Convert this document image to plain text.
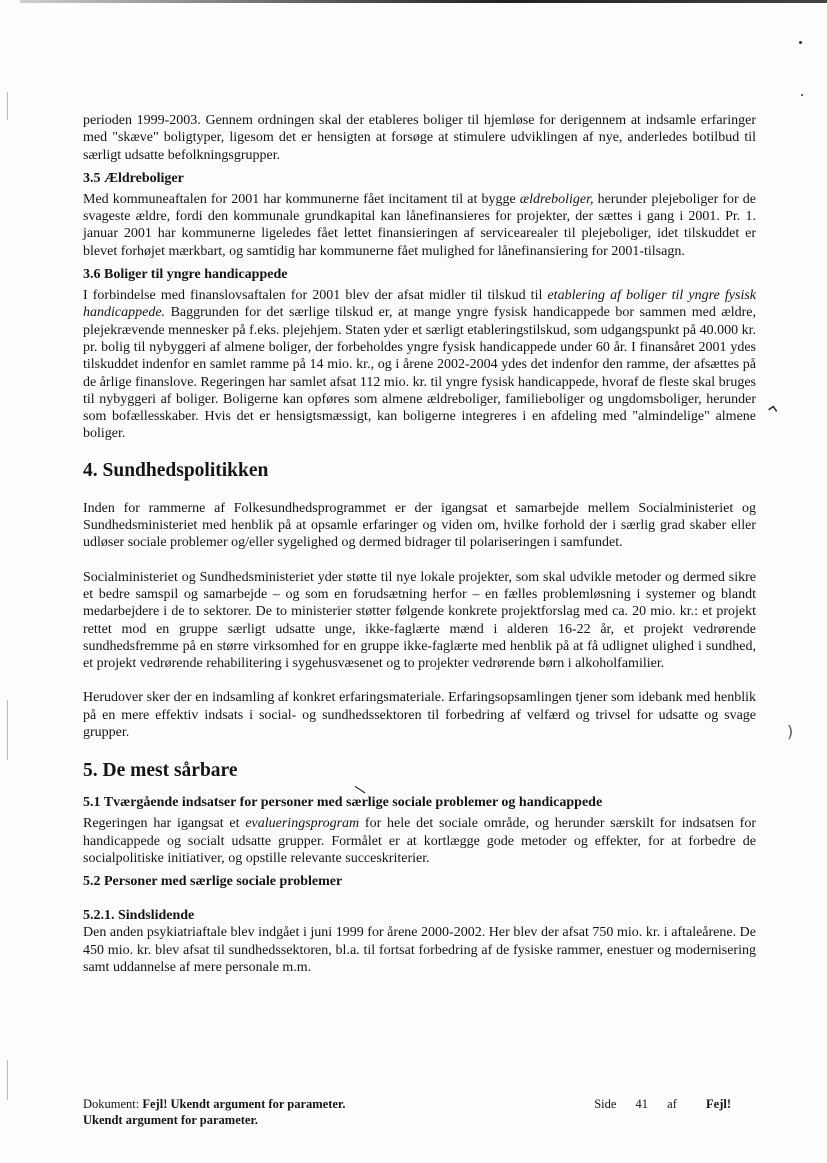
⌝
)
\

perioden 1999-2003. Gennem ordningen skal der etableres boliger til hjemløse for derigennem at indsamle erfaringer med "skæve" boligtyper, ligesom det er hensigten at forsøge at stimulere udviklingen af nye, anderledes botilbud til særligt udsatte befolkningsgrupper.

3.5 Ældreboliger

Med kommuneaftalen for 2001 har kommunerne fået incitament til at bygge ældreboliger, herunder plejeboliger for de svageste ældre, fordi den kommunale grundkapital kan lånefinansieres for projekter, der sættes i gang i 2001. Pr. 1. januar 2001 har kommunerne ligeledes fået lettet finansieringen af servicearealer til plejeboliger, idet tilskuddet er blevet forhøjet mærkbart, og samtidig har kommunerne fået mulighed for lånefinansiering for 2001-tilsagn.

3.6 Boliger til yngre handicappede

I forbindelse med finanslovsaftalen for 2001 blev der afsat midler til tilskud til etablering af boliger til yngre fysisk handicappede. Baggrunden for det særlige tilskud er, at mange yngre fysisk handicappede bor sammen med ældre, plejekrævende mennesker på f.eks. plejehjem. Staten yder et særligt etableringstilskud, som udgangspunkt på 40.000 kr. pr. bolig til nybyggeri af almene boliger, der forbeholdes yngre fysisk handicappede under 60 år. I finansåret 2001 ydes tilskuddet indenfor en samlet ramme på 14 mio. kr., og i årene 2002-2004 ydes det indenfor den ramme, der afsættes på de årlige finanslove. Regeringen har samlet afsat 112 mio. kr. til yngre fysisk handicappede, hvoraf de fleste skal bruges til nybyggeri af boliger. Boligerne kan opføres som almene ældreboliger, familieboliger og ungdomsboliger, herunder som bofællesskaber. Hvis det er hensigtsmæssigt, kan boligerne integreres i en afdeling med "almindelige" almene boliger.

4. Sundhedspolitikken

Inden for rammerne af Folkesundhedsprogrammet er der igangsat et samarbejde mellem Socialministeriet og Sundhedsministeriet med henblik på at opsamle erfaringer og viden om, hvilke forhold der i særlig grad skaber eller udløser sociale problemer og/eller sygelighed og dermed bidrager til polariseringen i samfundet.

Socialministeriet og Sundhedsministeriet yder støtte til nye lokale projekter, som skal udvikle metoder og dermed sikre et bedre samspil og samarbejde – og som en forudsætning herfor – en fælles problemløsning i systemer og blandt medarbejdere i de to sektorer. De to ministerier støtter følgende konkrete projektforslag med ca. 20 mio. kr.: et projekt rettet mod en gruppe særligt udsatte unge, ikke-faglærte mænd i alderen 16-22 år, et projekt vedrørende sundhedsfremme på en større virksomhed for en gruppe ikke-faglærte med henblik på at få udlignet ulighed i sundhed, et projekt vedrørende rehabilitering i sygehusvæsenet og to projekter vedrørende børn i alkoholfamilier.

Herudover sker der en indsamling af konkret erfaringsmateriale. Erfaringsopsamlingen tjener som idebank med henblik på en mere effektiv indsats i social- og sundhedssektoren til forbedring af velfærd og trivsel for udsatte og svage grupper.

5. De mest sårbare
5.1 Tværgående indsatser for personer med særlige sociale problemer og handicappede

Regeringen har igangsat et evalueringsprogram for hele det sociale område, og herunder særskilt for indsatsen for handicappede og socialt udsatte grupper. Formålet er at kortlægge gode metoder og effekter, for at forbedre de socialpolitiske initiativer, og opstille relevante succeskriterier.

5.2 Personer med særlige sociale problemer
5.2.1. Sindslidende

Den anden psykiatriaftale blev indgået i juni 1999 for årene 2000-2002. Her blev der afsat 750 mio. kr. i aftaleårene. De 450 mio. kr. blev afsat til sundhedssektoren, bl.a. til fortsat forbedring af de fysiske rammer, enestuer og modernisering samt uddannelse af mere personale m.m.

Dokument: Fejl! Ukendt argument for parameter.
Ukendt argument for parameter.
Side 41 af Fejl!
